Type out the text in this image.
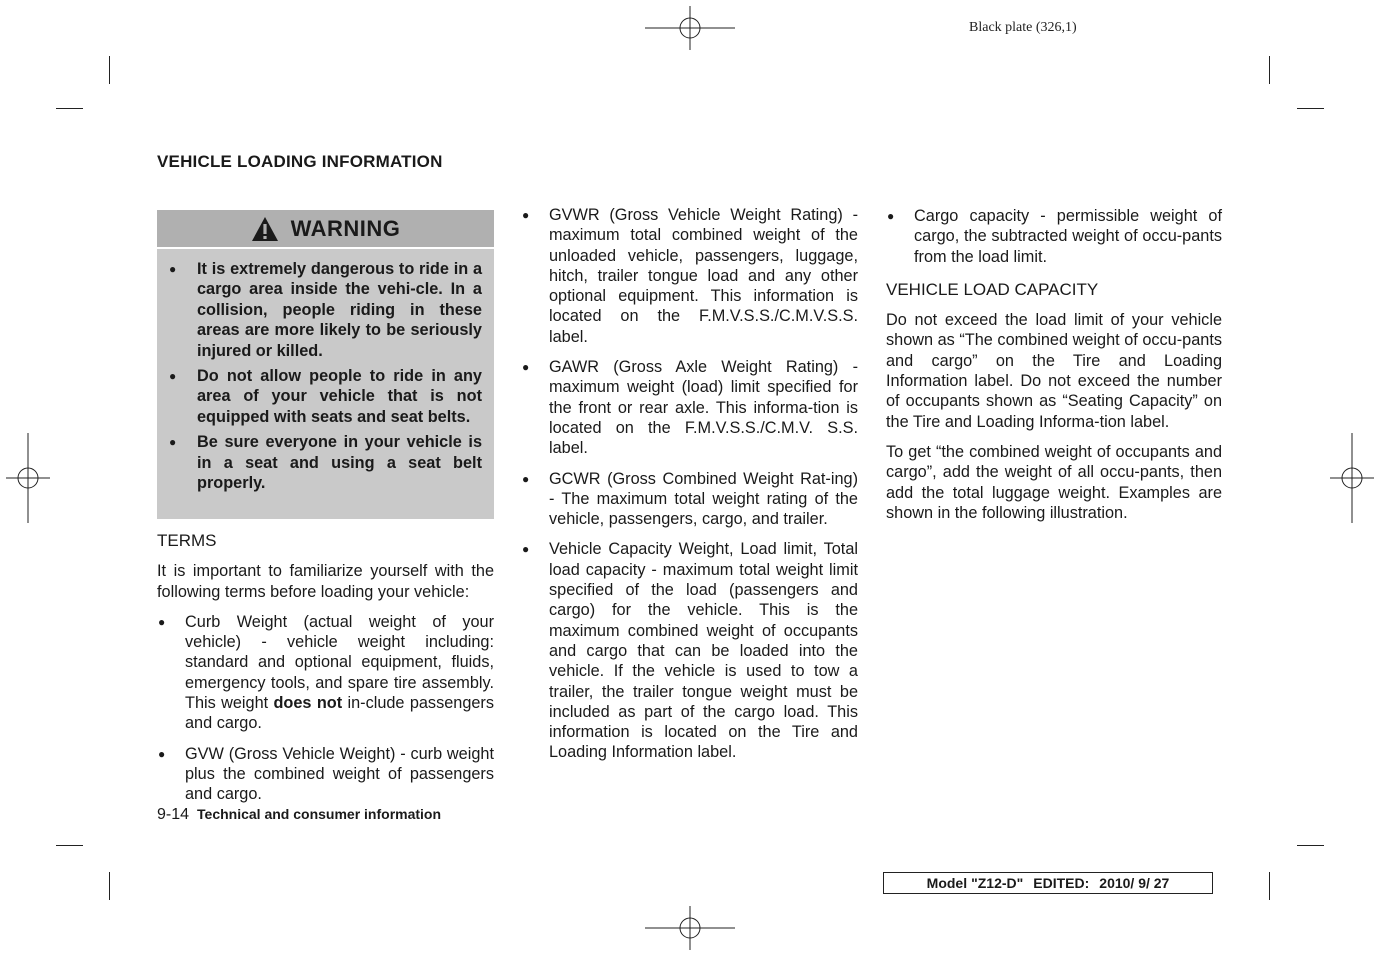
Black plate (326,1)
VEHICLE LOADING INFORMATION
WARNING
● It is extremely dangerous to ride in a cargo area inside the vehi-cle. In a collision, people riding in these areas are more likely to be seriously injured or killed.
● Do not allow people to ride in any area of your vehicle that is not equipped with seats and seat belts.
● Be sure everyone in your vehicle is in a seat and using a seat belt properly.

TERMS

It is important to familiarize yourself with the following terms before loading your vehicle:

● Curb Weight (actual weight of your vehicle) - vehicle weight including: standard and optional equipment, fluids, emergency tools, and spare tire assembly. This weight does not in-clude passengers and cargo.
● GVW (Gross Vehicle Weight) - curb weight plus the combined weight of passengers and cargo.
● GVWR (Gross Vehicle Weight Rating) - maximum total combined weight of the unloaded vehicle, passengers, luggage, hitch, trailer tongue load and any other optional equipment. This information is located on the F.M.V.S.S./C.M.V.S.S. label.
● GAWR (Gross Axle Weight Rating) - maximum weight (load) limit specified for the front or rear axle. This informa-tion is located on the F.M.V.S.S./C.M.V. S.S. label.
● GCWR (Gross Combined Weight Rat-ing) - The maximum total weight rating of the vehicle, passengers, cargo, and trailer.
● Vehicle Capacity Weight, Load limit, Total load capacity - maximum total weight limit specified of the load (passengers and cargo) for the vehicle. This is the maximum combined weight of occupants and cargo that can be loaded into the vehicle. If the vehicle is used to tow a trailer, the trailer tongue weight must be included as part of the cargo load. This information is located on the Tire and Loading Information label.
● Cargo capacity - permissible weight of cargo, the subtracted weight of occu-pants from the load limit.

VEHICLE LOAD CAPACITY

Do not exceed the load limit of your vehicle shown as “The combined weight of occu-pants and cargo” on the Tire and Loading Information label. Do not exceed the number of occupants shown as “Seating Capacity” on the Tire and Loading Informa-tion label.

To get “the combined weight of occupants and cargo”, add the weight of all occu-pants, then add the total luggage weight. Examples are shown in the following illustration.

9-14 Technical and consumer information
Model "Z12-D" EDITED: 2010/ 9/ 27
